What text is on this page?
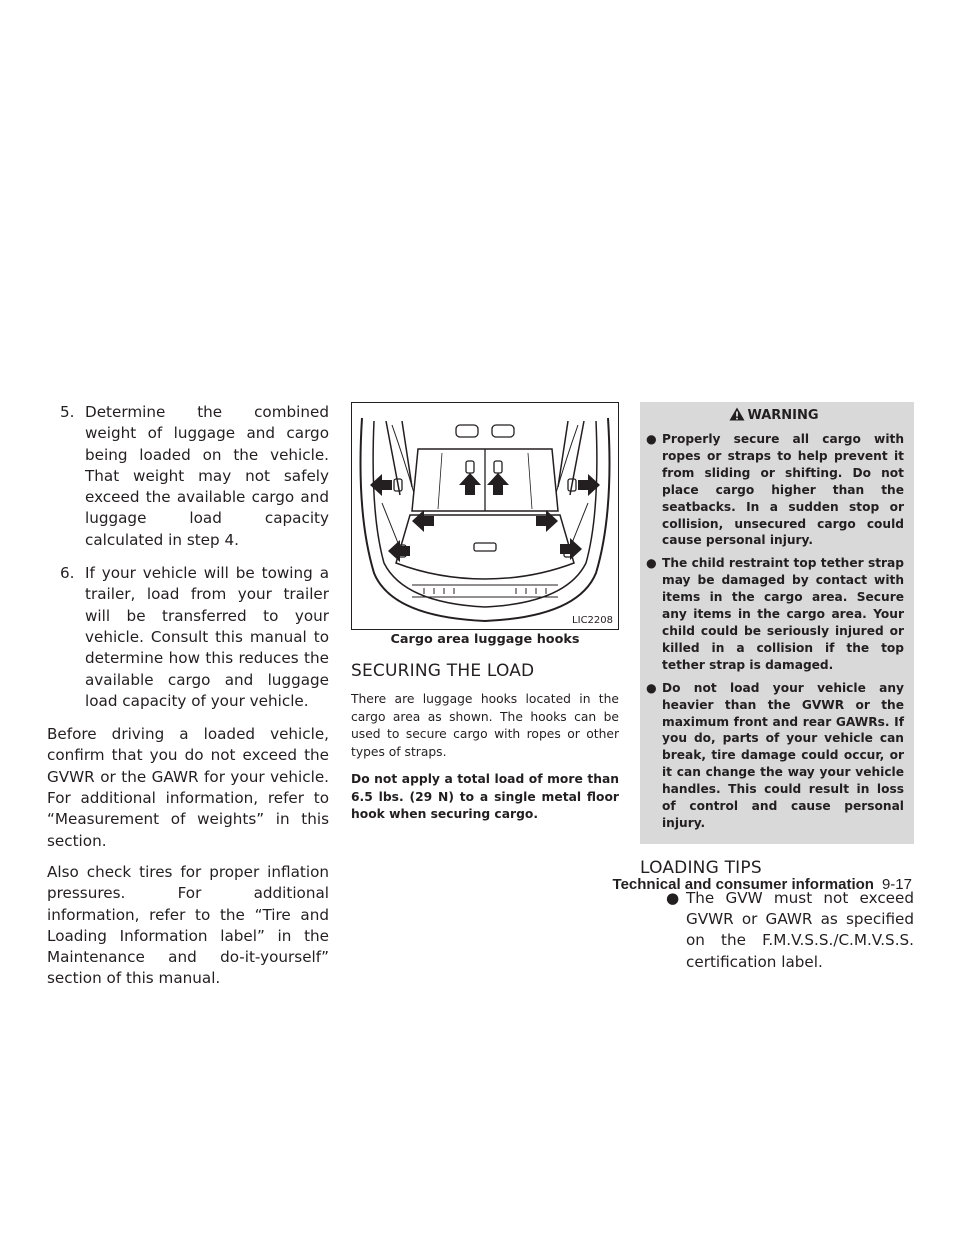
5. Determine the combined weight of luggage and cargo being loaded on the vehicle. That weight may not safely exceed the available cargo and luggage load capacity calculated in step 4.

6. If your vehicle will be towing a trailer, load from your trailer will be transferred to your vehicle. Consult this manual to determine how this reduces the available cargo and luggage load capacity of your vehicle.

Before driving a loaded vehicle, confirm that you do not exceed the GVWR or the GAWR for your vehicle. For additional information, refer to “Measurement of weights” in this section.

Also check tires for proper inflation pressures. For additional information, refer to the “Tire and Loading Information label” in the Maintenance and do-it-yourself” section of this manual.

LIC2208
Cargo area luggage hooks
SECURING THE LOAD

There are luggage hooks located in the cargo area as shown. The hooks can be used to secure cargo with ropes or other types of straps.

Do not apply a total load of more than 6.5 lbs. (29 N) to a single metal floor hook when securing cargo.

WARNING
● Properly secure all cargo with ropes or straps to help prevent it from sliding or shifting. Do not place cargo higher than the seatbacks. In a sudden stop or collision, unsecured cargo could cause personal injury.
● The child restraint top tether strap may be damaged by contact with items in the cargo area. Secure any items in the cargo area. Your child could be seriously injured or killed in a collision if the top tether strap is damaged.
● Do not load your vehicle any heavier than the GVWR or the maximum front and rear GAWRs. If you do, parts of your vehicle can break, tire damage could occur, or it can change the way your vehicle handles. This could result in loss of control and cause personal injury.
LOADING TIPS
● The GVW must not exceed GVWR or GAWR as specified on the F.M.V.S.S./C.M.V.S.S. certification label.
Technical and consumer information 9-17
